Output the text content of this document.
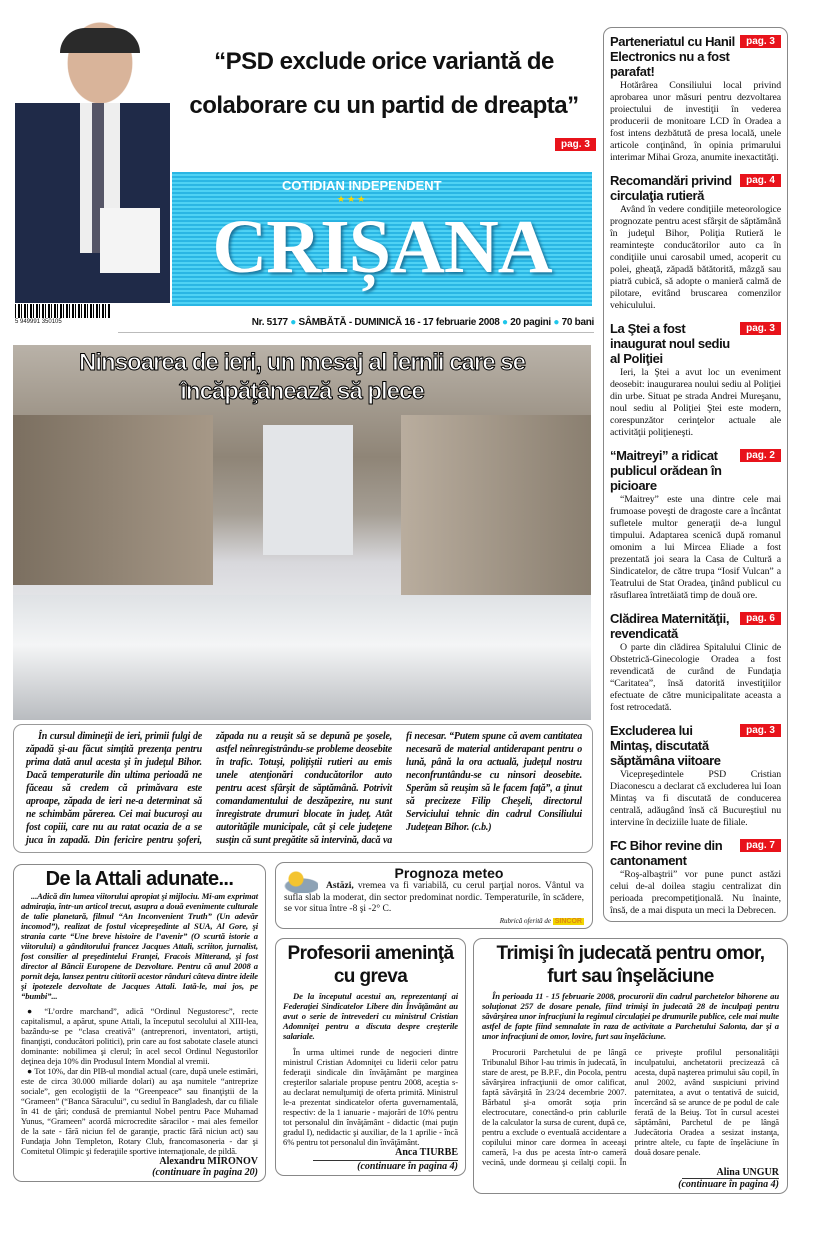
“PSD exclude orice variantă de colaborare cu un partid de dreapta”
pag. 3
COTIDIAN INDEPENDENT
★★★
CRIȘANA
5 949991 350105	Nr. 5177 ● SÂMBĂTĂ - DUMINICĂ 16 - 17 februarie 2008 ● 20 pagini ● 70 bani
Ninsoarea de ieri, un mesaj al iernii care se încăpăţânează să plece

În cursul dimineţii de ieri, primii fulgi de zăpadă şi-au făcut simţită prezenţa pentru prima dată anul acesta şi în judeţul Bihor. Dacă temperaturile din ultima perioadă ne făceau să credem că primăvara este aproape, zăpada de ieri ne-a determinat să ne schimbăm părerea. Cei mai bucuroşi au fost copiii, care nu au ratat ocazia de a se juca în zapadă. Din fericire pentru şoferi, zăpada nu a reuşit să se depună pe şosele, astfel neînregistrându-se probleme deosebite în trafic. Totuşi, poliţiştii rutieri au emis unele atenţionări conducătorilor auto pentru acest sfârşit de săptămână. Potrivit comandamentului de deszăpezire, nu sunt înregistrate drumuri blocate în judeţ. Atât autorităţile municipale, cât şi cele judeţene susţin că sunt pregătite să intervină, dacă va fi necesar. “Putem spune că avem cantitatea necesară de material antiderapant pentru o lună, până la ora actuală, judeţul nostru neconfruntându-se cu ninsori deosebite. Sperăm să reuşim să le facem faţă”, a ţinut să precizeze Filip Cheşeli, directorul Serviciului tehnic din cadrul Consiliului Judeţean Bihor. (c.b.)

Parteneriatul cu Hanil Electronics nu a fost parafat!
pag. 3

Hotărârea Consiliului local privind aprobarea unor măsuri pentru dezvoltarea proiectului de investiţii în vederea producerii de monitoare LCD în Oradea a fost intens dezbătută de presa locală, unele articole conţinând, în opinia primarului interimar Mihai Groza, anumite inexactităţi.

Recomandări privind circulaţia rutieră
pag. 4

Având în vedere condiţiile meteorologice prognozate pentru acest sfârşit de săptămână în judeţul Bihor, Poliţia Rutieră le reaminteşte conducătorilor auto ca în condiţiile unui carosabil umed, acoperit cu polei, gheaţă, zăpadă bătătorită, mâzgă sau piatră cubică, să adopte o manieră calmă de pilotare, evitând bruscarea comenzilor vehiculului.

La Ştei a fost inaugurat noul sediu al Poliţiei
pag. 3

Ieri, la Ştei a avut loc un eveniment deosebit: inaugurarea noului sediu al Poliţiei din urbe. Situat pe strada Andrei Mureşanu, noul sediu al Poliţiei Ştei este modern, corespunzător cerinţelor actuale ale activităţii poliţieneşti.

“Maitreyi” a ridicat publicul orădean în picioare
pag. 2

“Maitrey” este una dintre cele mai frumoase poveşti de dragoste care a încântat sufletele multor generaţii de-a lungul timpului. Adaptarea scenică după romanul omonim a lui Mircea Eliade a fost prezentată joi seara la Casa de Cultură a Sindicatelor, de către trupa “Iosif Vulcan” a Teatrului de Stat Oradea, ţinând publicul cu răsuflarea întretăiată timp de două ore.

Clădirea Maternităţii, revendicată
pag. 6

O parte din clădirea Spitalului Clinic de Obstetrică-Ginecologie Oradea a fost revendicată de curând de Fundaţia “Caritatea”, însă datorită investiţiilor efectuate de către municipalitate aceasta a fost retrocedată.

Excluderea lui Mintaş, discutată săptămâna viitoare
pag. 3

Vicepreşedintele PSD Cristian Diaconescu a declarat că excluderea lui Ioan Mintaş va fi discutată de conducerea centrală, adăugând însă că Bucureştiul nu intervine în deciziile luate de filiale.

FC Bihor revine din cantonament
pag. 7

“Roş-albaştrii” vor pune punct astăzi celui de-al doilea stagiu centralizat din perioada precompetiţională. Nu înainte, însă, de a mai disputa un meci la Debrecen.

De la Attali adunate...

...Adică din lumea viitorului apropiat şi mijlociu. Mi-am exprimat admiraţia, într-un articol trecut, asupra a două evenimente culturale de talie planetară, filmul “An Inconvenient Truth” (Un adevăr incomod”), realizat de fostul vicepreşedinte al SUA, Al Gore, şi strania carte “Une breve histoire de l’avenir” (O scurtă istorie a viitorului) a gânditorului francez Jacques Attali, scriitor, jurnalist, fost consilier al preşedintelui Franţei, Fracois Mitterand, şi fost director al Băncii Europene de Dezvoltare. Pentru că anul 2008 a pornit deja, lansez pentru cititorii acestor rânduri câteva dintre ideile şi ipotezele dezvoltate de Jacques Attali. Iată-le, mai jos, pe “bumbi”...

● “L’ordre marchand”, adică “Ordinul Negustoresc”, recte capitalismul, a apărut, spune Attali, la începutul secolului al XIII-lea, bazându-se pe “clasa creativă” (antreprenori, inventatori, artişti, finanţişti, conducători politici), prin care au fost sabotate clasele atunci dominante: nobilimea şi clerul; în acel secol Ordinul Negustorilor deţinea deja 10% din Produsul Intern Mondial al vremii.

● Tot 10%, dar din PIB-ul mondial actual (care, după unele estimări, este de circa 30.000 miliarde dolari) au aşa numitele “antreprize sociale”, gen ecologiştii de la “Greenpeace” sau finanţiştii de la “Grameen” (“Banca Săracului”, cu sediul în Bangladesh, dar cu filiale în 41 de ţări; condusă de premiantul Nobel pentru Pace Muhamad Yunus, “Grameen” acordă microcredite săracilor - mai ales femeilor de la sate - fără niciun fel de garanţie, practic fără niciun act) sau Fundaţia John Templeton, Rotary Club, francomasoneria - dar şi Comitetul Olimpic şi federaţiile sportive internaţionale, de pildă.

Alexandru MIRONOV
(continuare în pagina 20)
Prognoza meteo

Astăzi, vremea va fi variabilă, cu cerul parţial noros. Vântul va sufla slab la moderat, din sector predominat nordic. Temperaturile, în scădere, se vor situa între -8 şi -2° C.

Rubrică oferită de SINCOR
Profesorii ameninţă cu greva

De la începutul acestui an, reprezentanţi ai Federaţiei Sindicatelor Libere din Învăţământ au avut o serie de întrevederi cu ministrul Cristian Adomniţei pentru a discuta despre creşterile salariale.

În urma ultimei runde de negocieri dintre ministrul Cristian Adomniţei cu liderii celor patru federaţii sindicale din învăţământ pe marginea creşterilor salariale propuse pentru 2008, aceştia s-au declarat nemulţumiţi de oferta primită. Ministrul le-a prezentat sindicatelor oferta guvernamentală, respectiv: de la 1 ianuarie - majorări de 10% pentru tot personalul din învăţământ - didactic (mai puţin gradul I), nedidactic şi auxiliar, de la 1 aprilie - încă 6% pentru tot personalul din învăţământ.

Anca TIURBE
(continuare în pagina 4)
Trimişi în judecată pentru omor, furt sau înşelăciune

În perioada 11 - 15 februarie 2008, procurorii din cadrul parchetelor bihorene au soluţionat 257 de dosare penale, fiind trimişi în judecată 28 de inculpaţi pentru săvârşirea unor infracţiuni la regimul circulaţiei pe drumurile publice, cele mai multe astfel de fapte fiind semnalate în raza de activitate a Parchetului Salonta, dar şi a unor infracţiuni de omor, lovire, furt sau înşelăciune.

Procurorii Parchetului de pe lângă Tribunalul Bihor l-au trimis în judecată, în stare de arest, pe B.P.F., din Pocola, pentru săvârşirea infracţiunii de omor calificat, faptă săvârşită în 23/24 decembrie 2007. Bărbatul şi-a omorât soţia prin electrocutare, conectând-o prin cablurile de la calculator la sursa de curent, după ce, pentru a exclude o eventuală accidentare a copilului minor care dormea în aceeaşi cameră, l-a dus pe acesta într-o cameră vecină, unde dormeau şi ceilalţi copii. În ce priveşte profilul personalităţii inculpatului, anchetatorii precizează că acesta, după naşterea primului său copil, în anul 2002, având suspiciuni privind paternitatea, a avut o tentativă de suicid, încercând să se arunce de pe podul de cale ferată de la Beiuş. Tot în cursul acestei săptămâni, Parchetul de pe lângă Judecătoria Oradea a sesizat instanţa, printre altele, cu fapte de înşelăciune în două dosare penale.

Alina UNGUR
(continuare în pagina 4)
